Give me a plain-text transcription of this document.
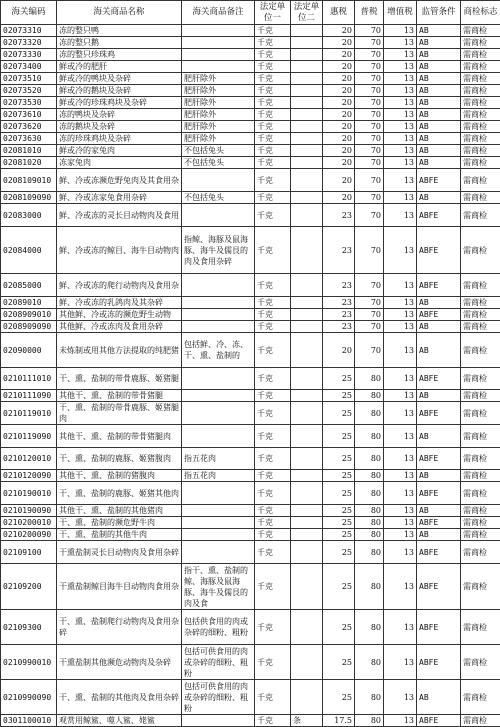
海关编码	海关商品名称	海关商品备注	法定单位一	法定单位二	惠税	普税	增值税	监管条件	商检标志
02073310	冻的整只鸭		千克		20	70	13	AB	需商检
02073320	冻的整只鹅		千克		20	70	13	AB	需商检
02073330	冻的整只珍珠鸡		千克		20	70	13	AB	需商检
02073400	鲜或冷的肥肝		千克		20	70	13	AB	需商检
02073510	鲜或冷的鸭块及杂碎	肥肝除外	千克		20	70	13	AB	需商检
02073520	鲜或冷的鹅块及杂碎	肥肝除外	千克		20	70	13	AB	需商检
02073530	鲜或冷的珍珠鸡块及杂碎	肥肝除外	千克		20	70	13	AB	需商检
02073610	冻的鸭块及杂碎	肥肝除外	千克		20	70	13	AB	需商检
02073620	冻的鹅块及杂碎	肥肝除外	千克		20	70	13	AB	需商检
02073630	冻的珍珠鸡块及杂碎	肥肝除外	千克		20	70	13	AB	需商检
02081010	鲜或冷的家兔肉	不包括兔头	千克		20	70	13	AB	需商检
02081020	冻家兔肉	不包括兔头	千克		20	70	13	AB	需商检
0208109010	鲜、冷或冻濒危野兔肉及其食用杂		千克		20	70	13	ABFE	需商检
0208109090	鲜、冷或冻家兔食用杂碎	不包括兔头	千克		20	70	13	AB	需商检
02083000	鲜、冷或冻的灵长目动物肉及食用		千克		23	70	13	ABFE	需商检
02084000	鲜、冷或冻的鲸目、海牛目动物肉	指鲸、海豚及鼠海豚、海牛及儒艮的肉及食用杂碎	千克		23	70	13	ABFE	需商检
02085000	鲜、冷或冻的爬行动物肉及食用杂		千克		23	70	13	ABFE	需商检
02089010	鲜、冷或冻的乳鸽肉及其杂碎		千克		23	70	13	AB	需商检
0208909010	其他鲜、冷或冻的濒危野生动物		千克		23	70	13	ABFE	需商检
0208909090	其他鲜、冷或冻肉及食用杂碎		千克		23	70	13	AB	需商检
02090000	未炼制或用其他方法提取的纯肥猪	包括鲜、冷、冻、干、熏、盐制的	千克		20	70	13	AB	需商检
0210111010	干、熏、盐制的带骨鹿豚、姬猪腿		千克		25	80	13	ABFE	需商检
0210111090	其他干、熏、盐制的带骨猪腿		千克		25	80	13	AB	需商检
0210119010	干、熏、盐制的带骨鹿豚、姬猪腿肉		千克		25	80	13	ABFE	需商检
0210119090	其他干、熏、盐制的带骨猪腿肉		千克		25	80	13	AB	需商检
0210120010	干、熏、盐制的鹿豚、姬猪腹肉	指五花肉	千克		25	80	13	ABFE	需商检
0210120090	其他干、熏、盐制的猪腹肉	指五花肉	千克		25	80	13	AB	需商检
0210190010	干、熏、盐制的鹿豚、姬猪其他肉		千克		25	80	13	ABFE	需商检
0210190090	其他干、熏、盐制的其他猪肉		千克		25	80	13	AB	需商检
0210200010	干、熏、盐制的濒危野牛肉		千克		25	80	13	ABFE	需商检
0210200090	干、熏、盐制的其他牛肉		千克		25	80	13	AB	需商检
02109100	干熏盐制灵长目动物肉及食用杂碎		千克		25	80	13	ABFE	需商检
02109200	干熏盐制鲸目海牛目动物肉食用杂	指干、熏、盐制的鲸、海豚及鼠海豚、海牛及儒艮的肉及食	千克		25	80	13	ABFE	需商检
02109300	干、熏、盐制爬行动物肉及食用杂碎	包括供食用的肉或杂碎的细粉、粗粉	千克		25	80	13	ABFE	需商检
0210990010	干熏盐制其他濒危动物肉及杂碎	包括可供食用的肉或杂碎的细粉、粗粉	千克		25	80	13	ABFE	需商检
0210990090	干、熏、盐制的其他肉及食用杂碎	包括可供食用的肉或杂碎的细粉、粗粉	千克		25	80	13	AB	需商检
0301100010	观赏用鲸鲨、噬人鲨、姥鲨		千克	条	17.5	80	13	ABFE	需商检
